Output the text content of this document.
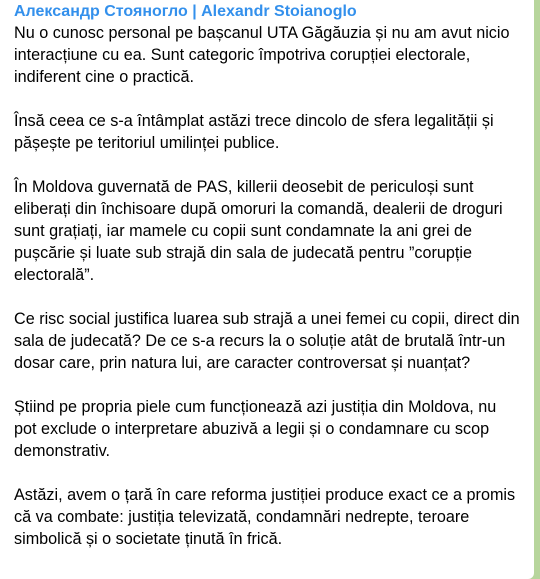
Александр Стояногло | Alexandr Stoianoglo

Nu o cunosc personal pe bașcanul UTA Găgăuzia și nu am avut nicio interacțiune cu ea. Sunt categoric împotriva corupției electorale, indiferent cine o practică.

Însă ceea ce s-a întâmplat astăzi trece dincolo de sfera legalității și pășește pe teritoriul umilinței publice.

În Moldova guvernată de PAS, killerii deosebit de periculoși sunt eliberați din închisoare după omoruri la comandă, dealerii de droguri sunt grațiați, iar mamele cu copii sunt condamnate la ani grei de pușcărie și luate sub strajă din sala de judecată pentru ”corupție electorală”.

Ce risc social justifica luarea sub strajă a unei femei cu copii, direct din sala de judecată? De ce s-a recurs la o soluție atât de brutală într-un dosar care, prin natura lui, are caracter controversat și nuanțat?

Știind pe propria piele cum funcționează azi justiția din Moldova, nu pot exclude o interpretare abuzivă a legii și o condamnare cu scop demonstrativ.

Astăzi, avem o țară în care reforma justiției produce exact ce a promis că va combate: justiția televizată, condamnări nedrepte, teroare simbolică și o societate ținută în frică.
